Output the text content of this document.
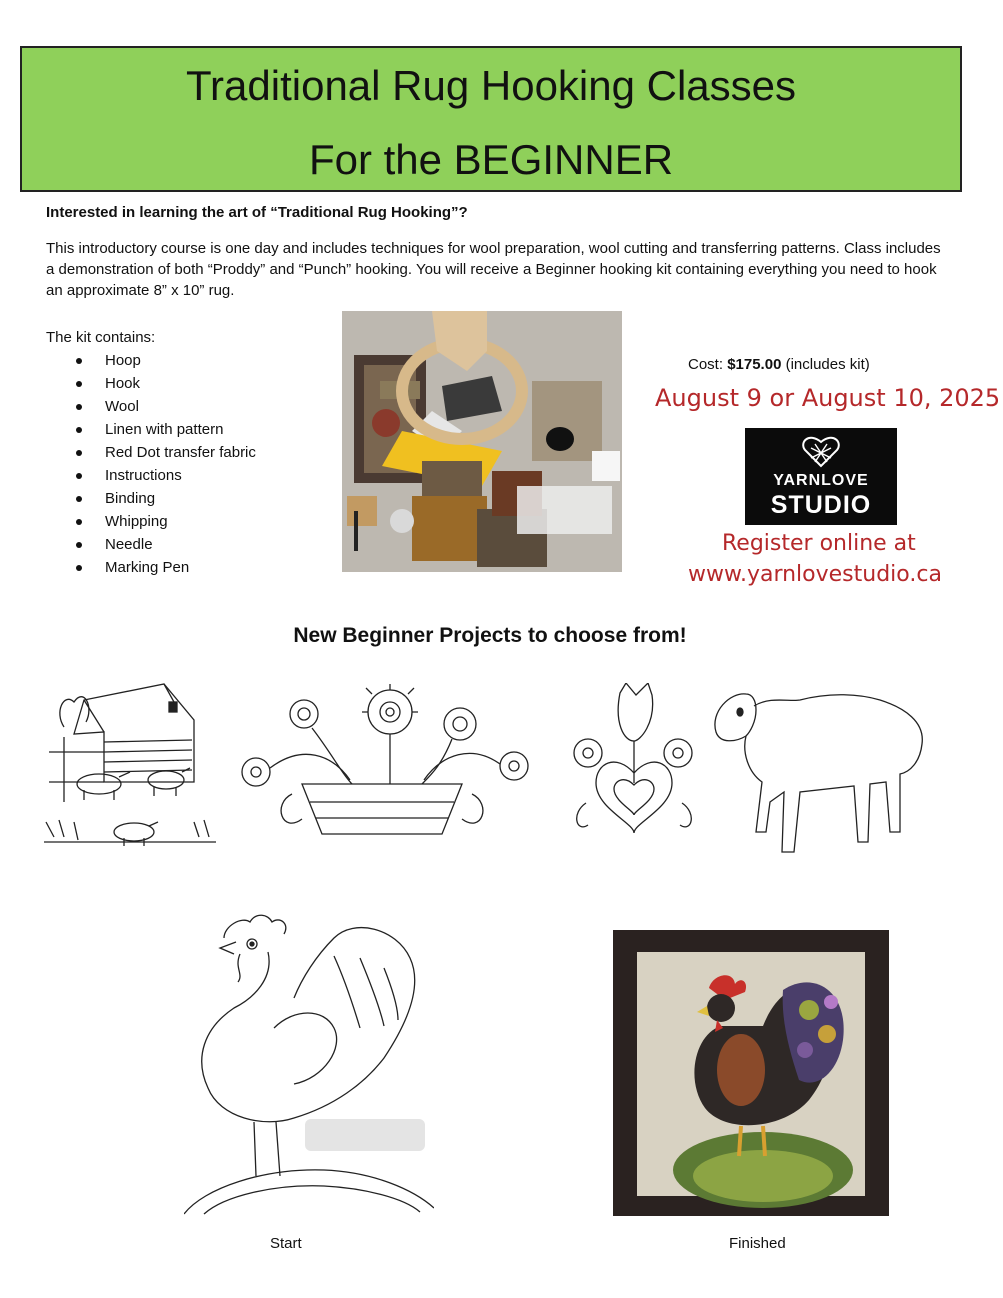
Traditional Rug Hooking Classes
For the BEGINNER
Interested in learning the art of “Traditional Rug Hooking”?
This introductory course is one day and includes techniques for wool preparation, wool cutting and transferring patterns. Class includes a demonstration of both “Proddy” and “Punch” hooking. You will receive a Beginner hooking kit containing everything you need to hook an approximate 8” x 10” rug.
The kit contains:
Hoop
Hook
Wool
Linen with pattern
Red Dot transfer fabric
Instructions
Binding
Whipping
Needle
Marking Pen
Cost: $175.00 (includes kit)
August 9 or August 10, 2025
YARNLOVE
STUDIO
Register online at
www.yarnlovestudio.ca
New Beginner Projects to choose from!
Start	Finished
